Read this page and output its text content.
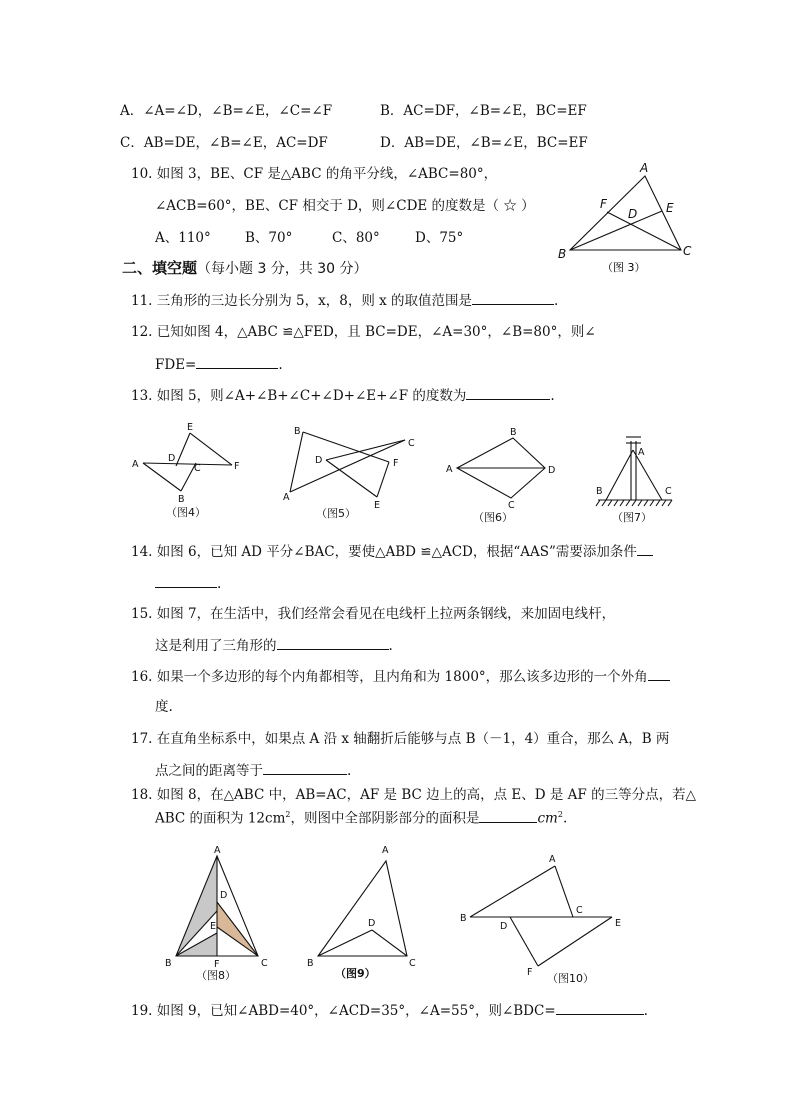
A．∠A=∠D，∠B=∠E，∠C=∠F	B．AC=DF，∠B=∠E，BC=EF
C．AB=DE，∠B=∠E，AC=DF	D．AB=DE，∠B=∠E，BC=EF
10. 如图 3，BE、CF 是△ABC 的角平分线，∠ABC=80°，
∠ACB=60°，BE、CF 相交于 D，则∠CDE 的度数是（ ☆ ）
A、110°	B、70°	C、80°	D、75°
二、填空题（每小题 3 分，共 30 分）
11. 三角形的三边长分别为 5，x，8，则 x 的取值范围是	.
12. 已知如图 4，△ABC ≌△FED，且 BC=DE，∠A=30°，∠B=80°，则∠
FDE=	.
13. 如图 5，则∠A+∠B+∠C+∠D+∠E+∠F 的度数为	.
14. 如图 6，已知 AD 平分∠BAC，要使△ABD ≌△ACD，根据“AAS”需要添加条件
.
15. 如图 7，在生活中，我们经常会看见在电线杆上拉两条钢线，来加固电线杆，
这是利用了三角形的	.
16. 如果一个多边形的每个内角都相等，且内角和为 1800°，那么该多边形的一个外角
度.
17. 在直角坐标系中，如果点 A 沿 x 轴翻折后能够与点 B（－1，4）重合，那么 A，B 两
点之间的距离等于	.
18. 如图 8，在△ABC 中，AB=AC，AF 是 BC 边上的高，点 E、D 是 AF 的三等分点，若△
ABC 的面积为 $12cm^2$，则图中全部阴影部分的面积是	$cm^2$.
19. 如图 9，已知∠ABD=40°，∠ACD=35°，∠A=55°，则∠BDC=	.
A
F
D E
B	C
（图 3）
E
A
D
C	F
B
（图4）
B
C
D	F
A
E
（图5）
B
A	D
C
（图6）
A
B	C
（图7）
A
D
E
B	F	C
（图8）
A
D
B	C
（图9）
A
B
C
D	E
F （图10）
